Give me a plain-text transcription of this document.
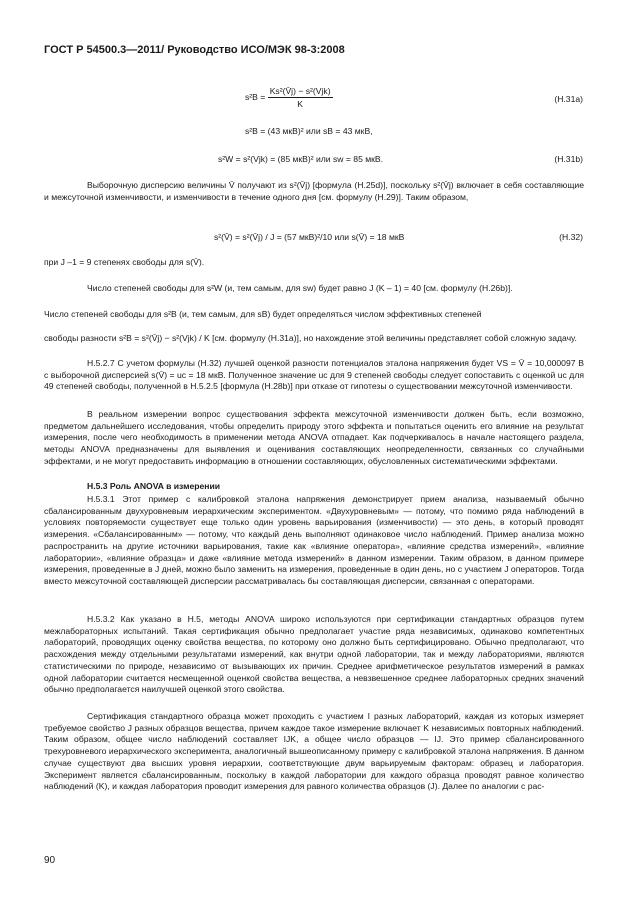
ГОСТ Р 54500.3—2011/ Руководство ИСО/МЭК 98-3:2008
$s^2B = \frac{\text{Ks²(V̄j) − s²(Vjk)}}{K}$	(H.31a)
s²B = (43 мкВ)² или sB = 43 мкВ,
s²W = s²(Vjk) = (85 мкВ)² или sw = 85 мкВ.	(H.31b)
Выборочную дисперсию величины V̄ получают из s²(V̄j) [формула (H.25d)], поскольку s²(V̄j) включает в себя составляющие и межсуточной изменчивости, и изменчивости в течение одного дня [см. формулу (H.29)]. Таким образом,
s²(V̄) = s²(V̄j) / J = (57 мкВ)²/10 или s(V̄) = 18 мкВ	(H.32)
при J –1 = 9 степенях свободы для s(V̄).
Число степеней свободы для s²W (и, тем самым, для sw) будет равно J (K – 1) = 40 [см. формулу (H.26b)].
Число степеней свободы для s²B (и, тем самым, для sB) будет определяться числом эффективных степеней
свободы разности s²B = s²(V̄j) − s²(Vjk) / K [см. формулу (H.31a)], но нахождение этой величины представляет собой сложную задачу.
H.5.2.7 С учетом формулы (H.32) лучшей оценкой разности потенциалов эталона напряжения будет VS = V̄ = 10,000097 В с выборочной дисперсией s(V̄) = uc = 18 мкВ. Полученное значение uc для 9 степеней свободы следует сопоставить с оценкой uc для 49 степеней свободы, полученной в H.5.2.5 [формула (H.28b)] при отказе от гипотезы о существовании межсуточной изменчивости.
В реальном измерении вопрос существования эффекта межсуточной изменчивости должен быть, если возможно, предметом дальнейшего исследования, чтобы определить природу этого эффекта и попытаться оценить его влияние на результат измерения, после чего необходимость в применении метода ANOVA отпадает. Как подчеркивалось в начале настоящего раздела, методы ANOVA предназначены для выявления и оценивания составляющих неопределенности, связанных со случайными эффектами, и не могут предоставить информацию в отношении составляющих, обусловленных систематическими эффектами.
H.5.3 Роль ANOVA в измерении
H.5.3.1 Этот пример с калибровкой эталона напряжения демонстрирует прием анализа, называемый обычно сбалансированным двухуровневым иерархическим экспериментом. «Двухуровневым» — потому, что помимо ряда наблюдений в условиях повторяемости существует еще только один уровень варьирования (изменчивости) — это день, в который проводят измерения. «Сбалансированным» — потому, что каждый день выполняют одинаковое число наблюдений. Пример анализа можно распространить на другие источники варьирования, такие как «влияние оператора», «влияние средства измерений», «влияние лаборатории», «влияние образца» и даже «влияние метода измерений» в данном измерении. Таким образом, в данном примере измерения, проведенные в J дней, можно было заменить на измерения, проведенные в один день, но с участием J операторов. Тогда вместо межсуточной составляющей дисперсии рассматривалась бы составляющая дисперсии, связанная с операторами.
H.5.3.2 Как указано в H.5, методы ANOVA широко используются при сертификации стандартных образцов путем межлабораторных испытаний. Такая сертификация обычно предполагает участие ряда независимых, одинаково компетентных лабораторий, проводящих оценку свойства вещества, по которому оно должно быть сертифицировано. Обычно предполагают, что расхождения между отдельными результатами измерений, как внутри одной лаборатории, так и между лабораториями, являются статистическими по природе, независимо от вызывающих их причин. Среднее арифметическое результатов измерений в рамках одной лаборатории считается несмещенной оценкой свойства вещества, а невзвешенное среднее лабораторных средних значений обычно предполагается наилучшей оценкой этого свойства.
Сертификация стандартного образца может проходить с участием I разных лабораторий, каждая из которых измеряет требуемое свойство J разных образцов вещества, причем каждое такое измерение включает K независимых повторных наблюдений. Таким образом, общее число наблюдений составляет IJK, а общее число образцов — IJ. Это пример сбалансированного трехуровневого иерархического эксперимента, аналогичный вышеописанному примеру с калибровкой эталона напряжения. В данном случае существуют два высших уровня иерархии, соответствующие двум варьируемым факторам: образец и лаборатория. Эксперимент является сбалансированным, поскольку в каждой лаборатории для каждого образца проводят равное количество наблюдений (K), и каждая лаборатория проводит измерения для равного количества образцов (J). Далее по аналогии с рас-
90
